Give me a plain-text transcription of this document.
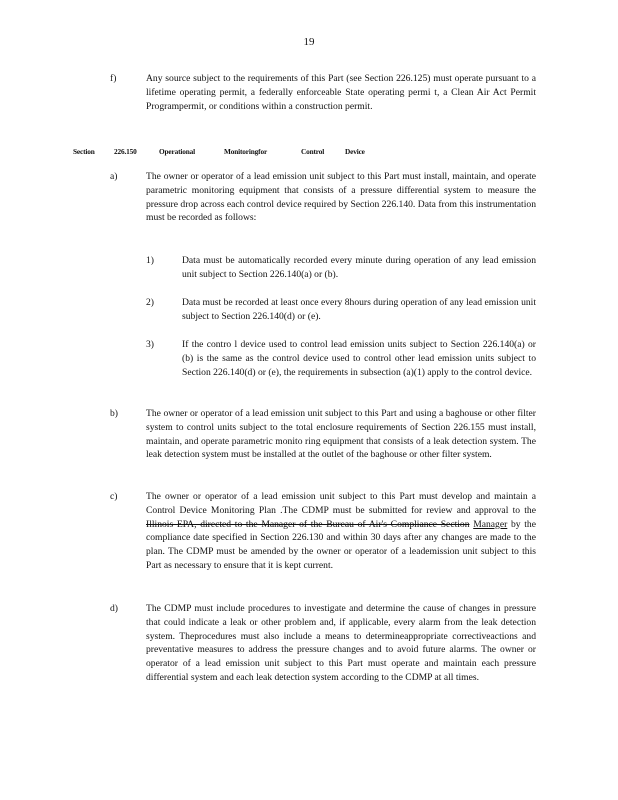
19
f)	Any source subject to the requirements of this Part (see Section 226.125) must operate pursuant to a lifetime operating permit, a federally enforceable State operating permi t, a Clean Air Act Permit Programpermit, or conditions within a construction permit.
Section	226.150	Operational	Monitoringfor	Control	Device
a)	The owner or operator of a lead emission unit subject to this Part must install, maintain, and operate parametric monitoring equipment that consists of a pressure differential system to measure the pressure drop across each control device required by Section 226.140. Data from this instrumentation must be recorded as follows:
1)	Data must be automatically recorded every minute during operation of any lead emission unit subject to Section 226.140(a) or (b).
2)	Data must be recorded at least once every 8hours during operation of any lead emission unit subject to Section 226.140(d) or (e).
3)	If the contro l device used to control lead emission units subject to Section 226.140(a) or (b) is the same as the control device used to control other lead emission units subject to Section 226.140(d) or (e), the requirements in subsection (a)(1) apply to the control device.
b)	The owner or operator of a lead emission unit subject to this Part and using a baghouse or other filter system to control units subject to the total enclosure requirements of Section 226.155 must install, maintain, and operate parametric monito ring equipment that consists of a leak detection system. The leak detection system must be installed at the outlet of the baghouse or other filter system.
c)	The owner or operator of a lead emission unit subject to this Part must develop and maintain a Control Device Monitoring Plan .The CDMP must be submitted for review and approval to the Illinois EPA, directed to the Manager of the Bureau of Air's Compliance Section Manager by the compliance date specified in Section 226.130 and within 30 days after any changes are made to the plan. The CDMP must be amended by the owner or operator of a leademission unit subject to this Part as necessary to ensure that it is kept current.
d)	The CDMP must include procedures to investigate and determine the cause of changes in pressure that could indicate a leak or other problem and, if applicable, every alarm from the leak detection system. Theprocedures must also include a means to determineappropriate correctiveactions and preventative measures to address the pressure changes and to avoid future alarms. The owner or operator of a lead emission unit subject to this Part must operate and maintain each pressure differential system and each leak detection system according to the CDMP at all times.
